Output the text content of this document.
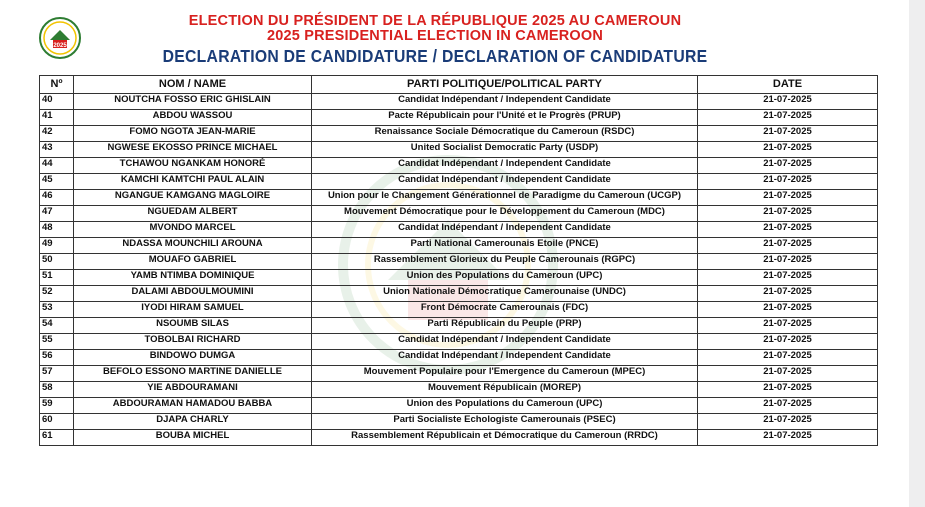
2025
ELECTION DU PRÉSIDENT DE LA RÉPUBLIQUE 2025 AU CAMEROUN
2025 PRESIDENTIAL ELECTION IN CAMEROON
DECLARATION DE CANDIDATURE / DECLARATION OF CANDIDATURE
Nº	NOM / NAME	PARTI POLITIQUE/POLITICAL PARTY	DATE
40	NOUTCHA FOSSO ERIC GHISLAIN	Candidat Indépendant / Independent Candidate	21-07-2025
41	ABDOU WASSOU	Pacte Républicain pour l'Unité et le Progrès (PRUP)	21-07-2025
42	FOMO NGOTA JEAN-MARIE	Renaissance Sociale Démocratique du Cameroun (RSDC)	21-07-2025
43	NGWESE EKOSSO PRINCE MICHAEL	United Socialist Democratic Party (USDP)	21-07-2025
44	TCHAWOU NGANKAM HONORÉ	Candidat Indépendant / Independent Candidate	21-07-2025
45	KAMCHI KAMTCHI PAUL ALAIN	Candidat Indépendant / Independent Candidate	21-07-2025
46	NGANGUE KAMGANG MAGLOIRE	Union pour le Changement Générationnel de Paradigme du Cameroun (UCGP)	21-07-2025
47	NGUEDAM ALBERT	Mouvement Démocratique pour le Développement du Cameroun (MDC)	21-07-2025
48	MVONDO MARCEL	Candidat Indépendant / Independent Candidate	21-07-2025
49	NDASSA MOUNCHILI AROUNA	Parti National Camerounais Etoile (PNCE)	21-07-2025
50	MOUAFO GABRIEL	Rassemblement Glorieux du Peuple Camerounais (RGPC)	21-07-2025
51	YAMB NTIMBA DOMINIQUE	Union des Populations du Cameroun (UPC)	21-07-2025
52	DALAMI ABDOULMOUMINI	Union Nationale Démocratique Camerounaise (UNDC)	21-07-2025
53	IYODI HIRAM SAMUEL	Front Démocrate Camerounais (FDC)	21-07-2025
54	NSOUMB SILAS	Parti Républicain du Peuple (PRP)	21-07-2025
55	TOBOLBAI RICHARD	Candidat Indépendant / Independent Candidate	21-07-2025
56	BINDOWO DUMGA	Candidat Indépendant / Independent Candidate	21-07-2025
57	BEFOLO ESSONO MARTINE DANIELLE	Mouvement Populaire pour l'Emergence du Cameroun (MPEC)	21-07-2025
58	YIE ABDOURAMANI	Mouvement Républicain (MOREP)	21-07-2025
59	ABDOURAMAN HAMADOU BABBA	Union des Populations du Cameroun (UPC)	21-07-2025
60	DJAPA CHARLY	Parti Socialiste Echologiste Camerounais (PSEC)	21-07-2025
61	BOUBA MICHEL	Rassemblement Républicain et Démocratique du Cameroun (RRDC)	21-07-2025
